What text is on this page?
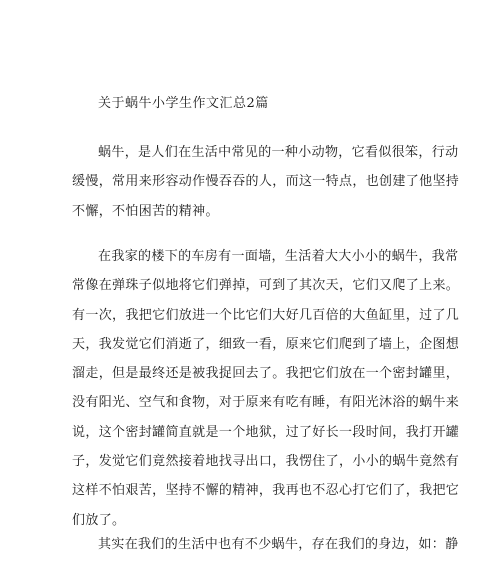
关于蜗牛小学生作文汇总2篇
蜗牛，是人们在生活中常见的一种小动物，它看似很笨，行动
缓慢，常用来形容动作慢吞吞的人，而这一特点，也创建了他坚持
不懈，不怕困苦的精神。
在我家的楼下的车房有一面墙，生活着大大小小的蜗牛，我常
常像在弹珠子似地将它们弹掉，可到了其次天，它们又爬了上来。
有一次，我把它们放进一个比它们大好几百倍的大鱼缸里，过了几
天，我发觉它们消逝了，细致一看，原来它们爬到了墙上，企图想
溜走，但是最终还是被我捉回去了。我把它们放在一个密封罐里，
没有阳光、空气和食物，对于原来有吃有睡，有阳光沐浴的蜗牛来
说，这个密封罐简直就是一个地狱，过了好长一段时间，我打开罐
子，发觉它们竟然接着地找寻出口，我愣住了，小小的蜗牛竟然有
这样不怕艰苦，坚持不懈的精神，我再也不忍心打它们了，我把它
们放了。
其实在我们的生活中也有不少蜗牛，存在我们的身边，如：静
